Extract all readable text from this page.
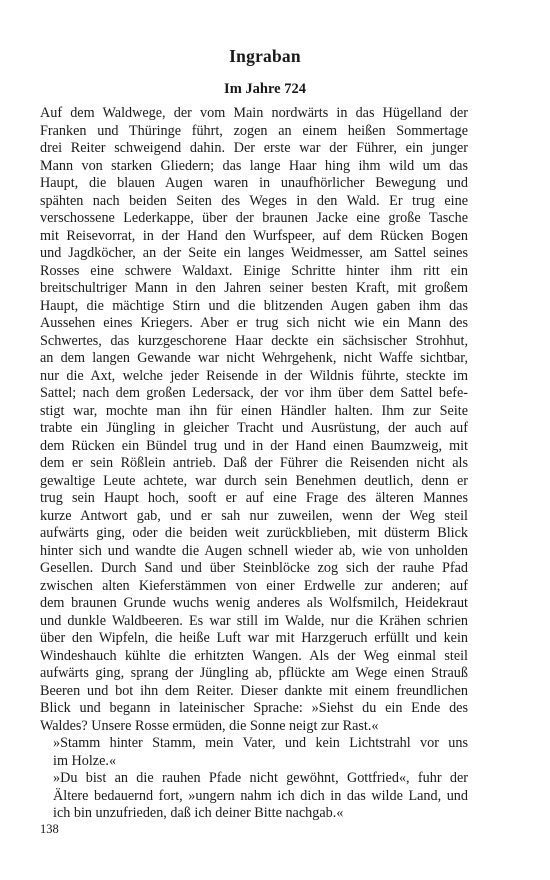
Ingraban
Im Jahre 724
Auf dem Waldwege, der vom Main nordwärts in das Hügelland der
Franken und Thüringe führt, zogen an einem heißen Sommertage
drei Reiter schweigend dahin. Der erste war der Führer, ein junger
Mann von starken Gliedern; das lange Haar hing ihm wild um das
Haupt, die blauen Augen waren in unaufhörlicher Bewegung und
spähten nach beiden Seiten des Weges in den Wald. Er trug eine
verschossene Lederkappe, über der braunen Jacke eine große Tasche
mit Reisevorrat, in der Hand den Wurfspeer, auf dem Rücken Bogen
und Jagdköcher, an der Seite ein langes Weidmesser, am Sattel seines
Rosses eine schwere Waldaxt. Einige Schritte hinter ihm ritt ein
breitschultriger Mann in den Jahren seiner besten Kraft, mit großem
Haupt, die mächtige Stirn und die blitzenden Augen gaben ihm das
Aussehen eines Kriegers. Aber er trug sich nicht wie ein Mann des
Schwertes, das kurzgeschorene Haar deckte ein sächsischer Strohhut,
an dem langen Gewande war nicht Wehrgehenk, nicht Waffe sichtbar,
nur die Axt, welche jeder Reisende in der Wildnis führte, steckte im
Sattel; nach dem großen Ledersack, der vor ihm über dem Sattel befe-
stigt war, mochte man ihn für einen Händler halten. Ihm zur Seite
trabte ein Jüngling in gleicher Tracht und Ausrüstung, der auch auf
dem Rücken ein Bündel trug und in der Hand einen Baumzweig, mit
dem er sein Rößlein antrieb. Daß der Führer die Reisenden nicht als
gewaltige Leute achtete, war durch sein Benehmen deutlich, denn er
trug sein Haupt hoch, sooft er auf eine Frage des älteren Mannes
kurze Antwort gab, und er sah nur zuweilen, wenn der Weg steil
aufwärts ging, oder die beiden weit zurückblieben, mit düsterm Blick
hinter sich und wandte die Augen schnell wieder ab, wie von unholden
Gesellen. Durch Sand und über Steinblöcke zog sich der rauhe Pfad
zwischen alten Kieferstämmen von einer Erdwelle zur anderen; auf
dem braunen Grunde wuchs wenig anderes als Wolfsmilch, Heidekraut
und dunkle Waldbeeren. Es war still im Walde, nur die Krähen schrien
über den Wipfeln, die heiße Luft war mit Harzgeruch erfüllt und kein
Windeshauch kühlte die erhitzten Wangen. Als der Weg einmal steil
aufwärts ging, sprang der Jüngling ab, pflückte am Wege einen Strauß
Beeren und bot ihn dem Reiter. Dieser dankte mit einem freundlichen
Blick und begann in lateinischer Sprache: »Siehst du ein Ende des
Waldes? Unsere Rosse ermüden, die Sonne neigt zur Rast.«
»Stamm hinter Stamm, mein Vater, und kein Lichtstrahl vor uns
im Holze.«
»Du bist an die rauhen Pfade nicht gewöhnt, Gottfried«, fuhr der
Ältere bedauernd fort, »ungern nahm ich dich in das wilde Land, und
ich bin unzufrieden, daß ich deiner Bitte nachgab.«
138
